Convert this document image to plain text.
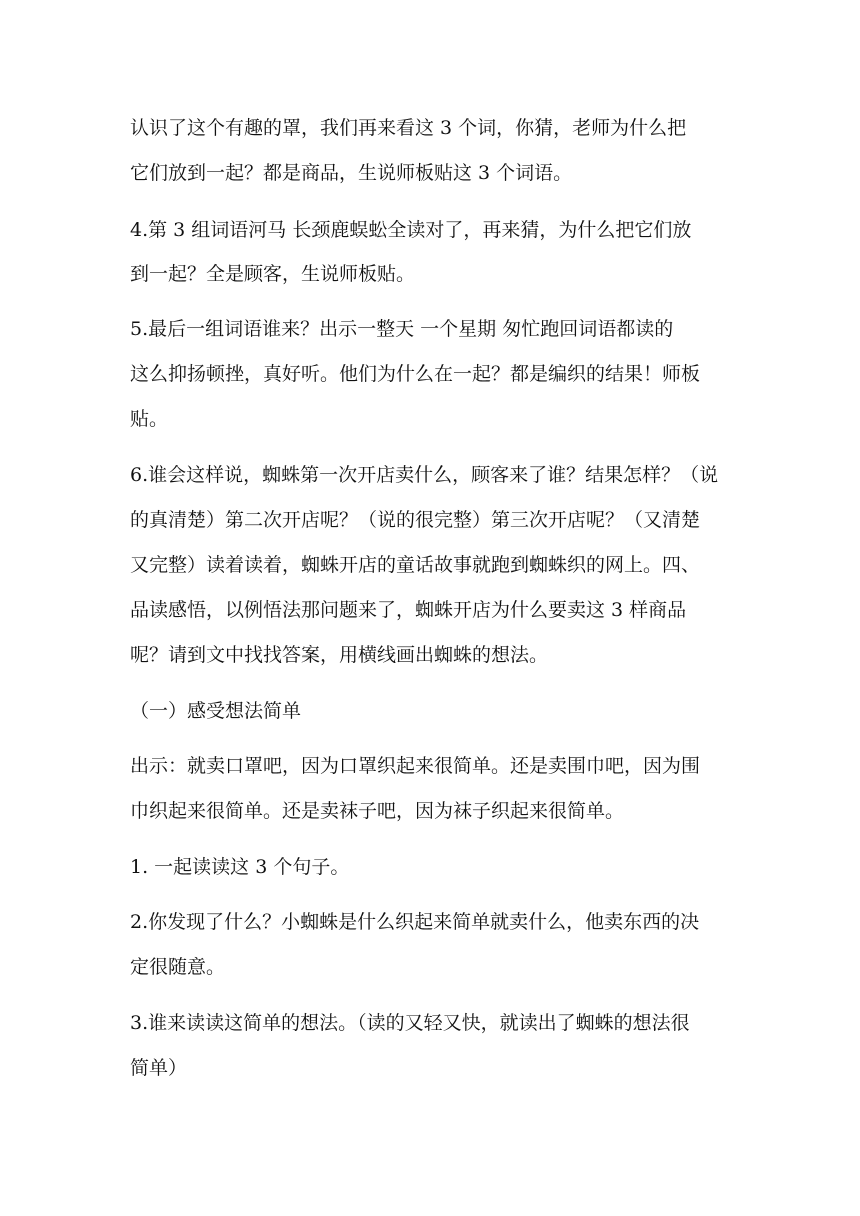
认识了这个有趣的罩，我们再来看这 3 个词，你猜，老师为什么把

它们放到一起？都是商品，生说师板贴这 3 个词语。

4.第 3 组词语河马 长颈鹿蜈蚣全读对了，再来猜，为什么把它们放

到一起？全是顾客，生说师板贴。

5.最后一组词语谁来？出示一整天 一个星期 匆忙跑回词语都读的

这么抑扬顿挫，真好听。他们为什么在一起？都是编织的结果！师板

贴。

6.谁会这样说，蜘蛛第一次开店卖什么，顾客来了谁？结果怎样？（说

的真清楚）第二次开店呢？（说的很完整）第三次开店呢？（又清楚

又完整）读着读着，蜘蛛开店的童话故事就跑到蜘蛛织的网上。四、

品读感悟，以例悟法那问题来了，蜘蛛开店为什么要卖这 3 样商品

呢？请到文中找找答案，用横线画出蜘蛛的想法。

（一）感受想法简单

出示：就卖口罩吧，因为口罩织起来很简单。还是卖围巾吧，因为围

巾织起来很简单。还是卖袜子吧，因为袜子织起来很简单。

1. 一起读读这 3 个句子。

2.你发现了什么？小蜘蛛是什么织起来简单就卖什么，他卖东西的决

定很随意。

3.谁来读读这简单的想法。（读的又轻又快，就读出了蜘蛛的想法很

简单）
